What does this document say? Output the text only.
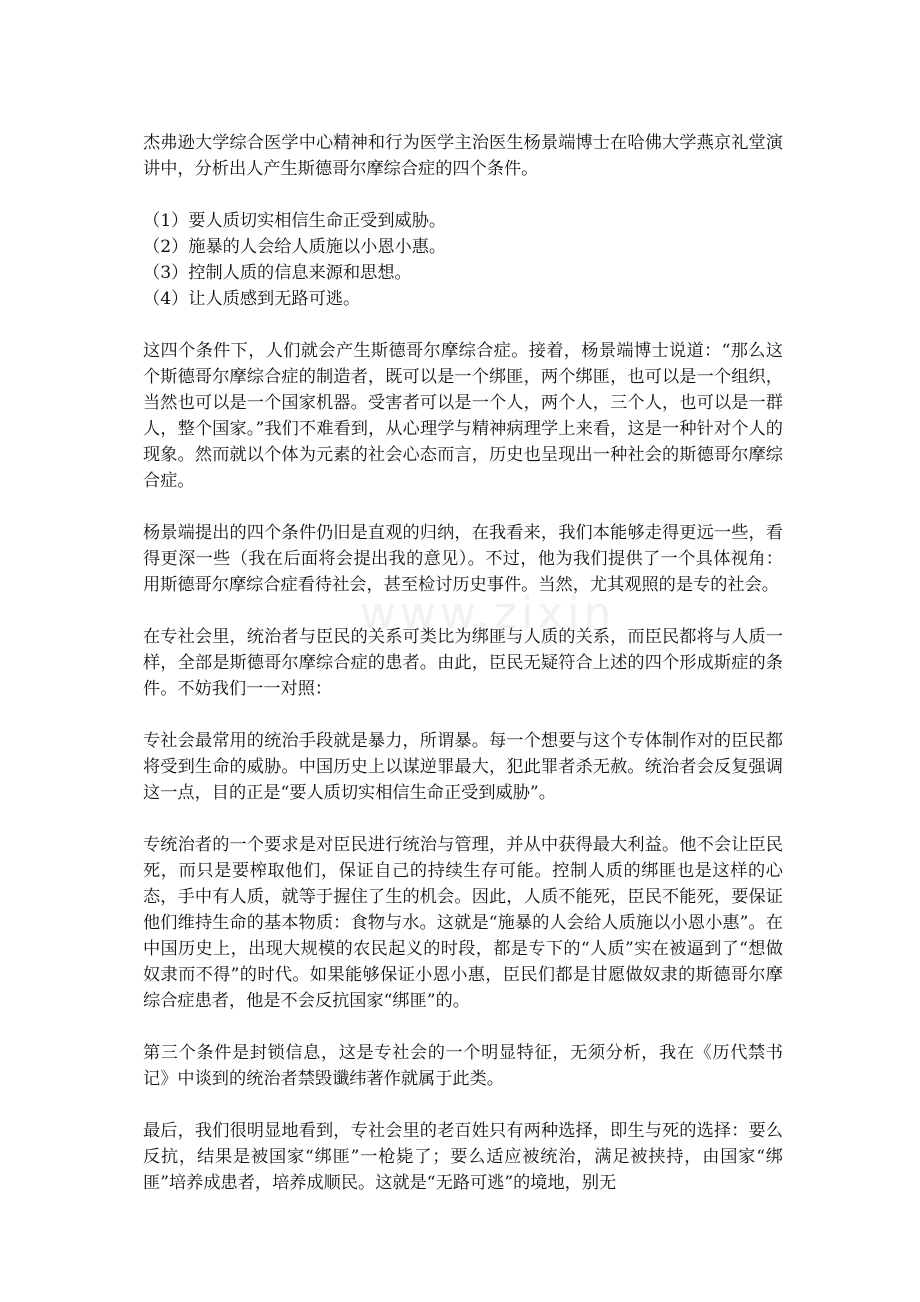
www.zixin

杰弗逊大学综合医学中心精神和行为医学主治医生杨景端博士在哈佛大学燕京礼堂演讲中，分析出人产生斯德哥尔摩综合症的四个条件。

（1）要人质切实相信生命正受到威胁。

（2）施暴的人会给人质施以小恩小惠。

（3）控制人质的信息来源和思想。

（4）让人质感到无路可逃。

这四个条件下，人们就会产生斯德哥尔摩综合症。接着，杨景端博士说道：“那么这个斯德哥尔摩综合症的制造者，既可以是一个绑匪，两个绑匪，也可以是一个组织，当然也可以是一个国家机器。受害者可以是一个人，两个人，三个人，也可以是一群人，整个国家。”我们不难看到，从心理学与精神病理学上来看，这是一种针对个人的现象。然而就以个体为元素的社会心态而言，历史也呈现出一种社会的斯德哥尔摩综合症。

杨景端提出的四个条件仍旧是直观的归纳，在我看来，我们本能够走得更远一些，看得更深一些（我在后面将会提出我的意见）。不过，他为我们提供了一个具体视角：用斯德哥尔摩综合症看待社会，甚至检讨历史事件。当然，尤其观照的是专的社会。

在专社会里，统治者与臣民的关系可类比为绑匪与人质的关系，而臣民都将与人质一样，全部是斯德哥尔摩综合症的患者。由此，臣民无疑符合上述的四个形成斯症的条件。不妨我们一一对照：

专社会最常用的统治手段就是暴力，所谓暴。每一个想要与这个专体制作对的臣民都将受到生命的威胁。中国历史上以谋逆罪最大，犯此罪者杀无赦。统治者会反复强调这一点，目的正是“要人质切实相信生命正受到威胁”。

专统治者的一个要求是对臣民进行统治与管理，并从中获得最大利益。他不会让臣民死，而只是要榨取他们，保证自己的持续生存可能。控制人质的绑匪也是这样的心态，手中有人质，就等于握住了生的机会。因此，人质不能死，臣民不能死，要保证他们维持生命的基本物质：食物与水。这就是“施暴的人会给人质施以小恩小惠”。在中国历史上，出现大规模的农民起义的时段，都是专下的“人质”实在被逼到了“想做奴隶而不得”的时代。如果能够保证小恩小惠，臣民们都是甘愿做奴隶的斯德哥尔摩综合症患者，他是不会反抗国家“绑匪”的。

第三个条件是封锁信息，这是专社会的一个明显特征，无须分析，我在《历代禁书记》中谈到的统治者禁毁谶纬著作就属于此类。

最后，我们很明显地看到，专社会里的老百姓只有两种选择，即生与死的选择：要么反抗，结果是被国家“绑匪”一枪毙了；要么适应被统治，满足被挟持，由国家“绑匪”培养成患者，培养成顺民。这就是“无路可逃”的境地，别无
